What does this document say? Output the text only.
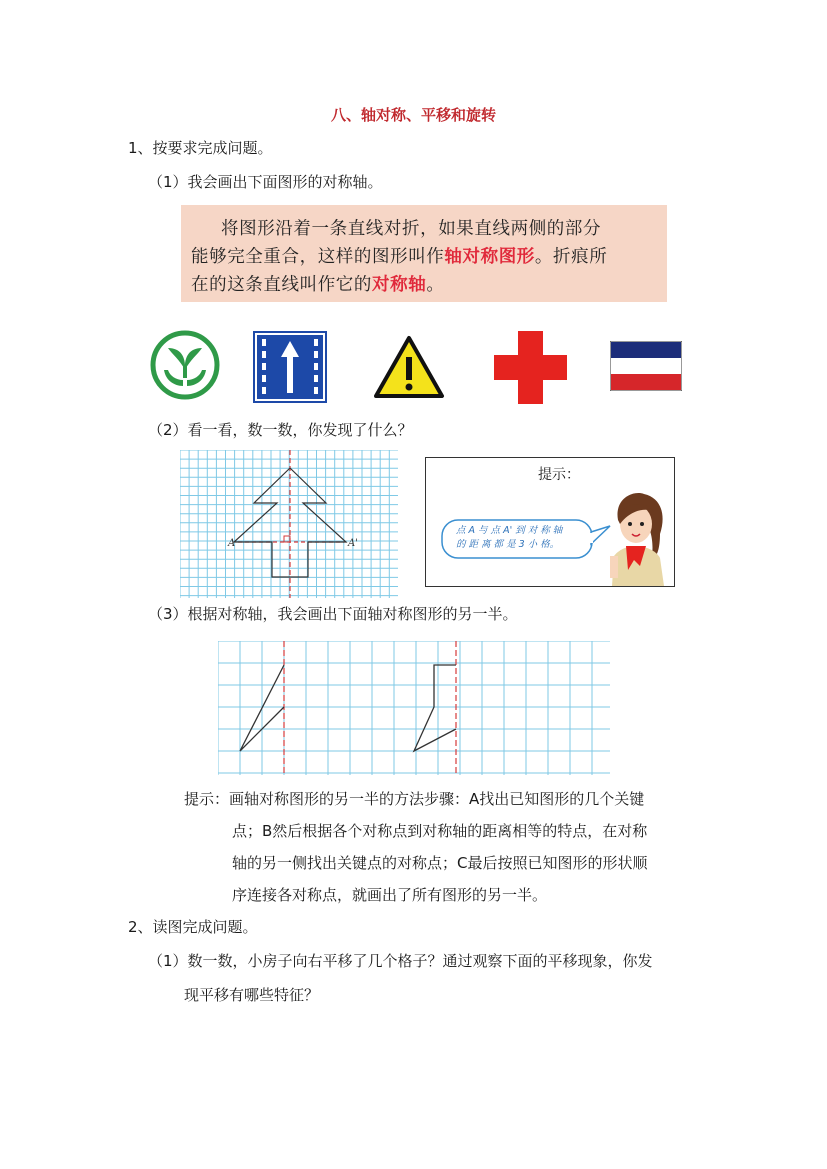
八、轴对称、平移和旋转
1、按要求完成问题。
（1）我会画出下面图形的对称轴。
将图形沿着一条直线对折，如果直线两侧的部分
能够完全重合，这样的图形叫作轴对称图形。折痕所
在的这条直线叫作它的对称轴。
（2）看一看，数一数，你发现了什么？
A	A'
提示：
点 A 与 点 A' 到 对 称 轴
的 距 离 都 是 3 小 格。
（3）根据对称轴，我会画出下面轴对称图形的另一半。
提示：画轴对称图形的另一半的方法步骤：A找出已知图形的几个关键
点；B然后根据各个对称点到对称轴的距离相等的特点，在对称
轴的另一侧找出关键点的对称点；C最后按照已知图形的形状顺
序连接各对称点，就画出了所有图形的另一半。
2、读图完成问题。
（1）数一数，小房子向右平移了几个格子？通过观察下面的平移现象，你发
现平移有哪些特征？
